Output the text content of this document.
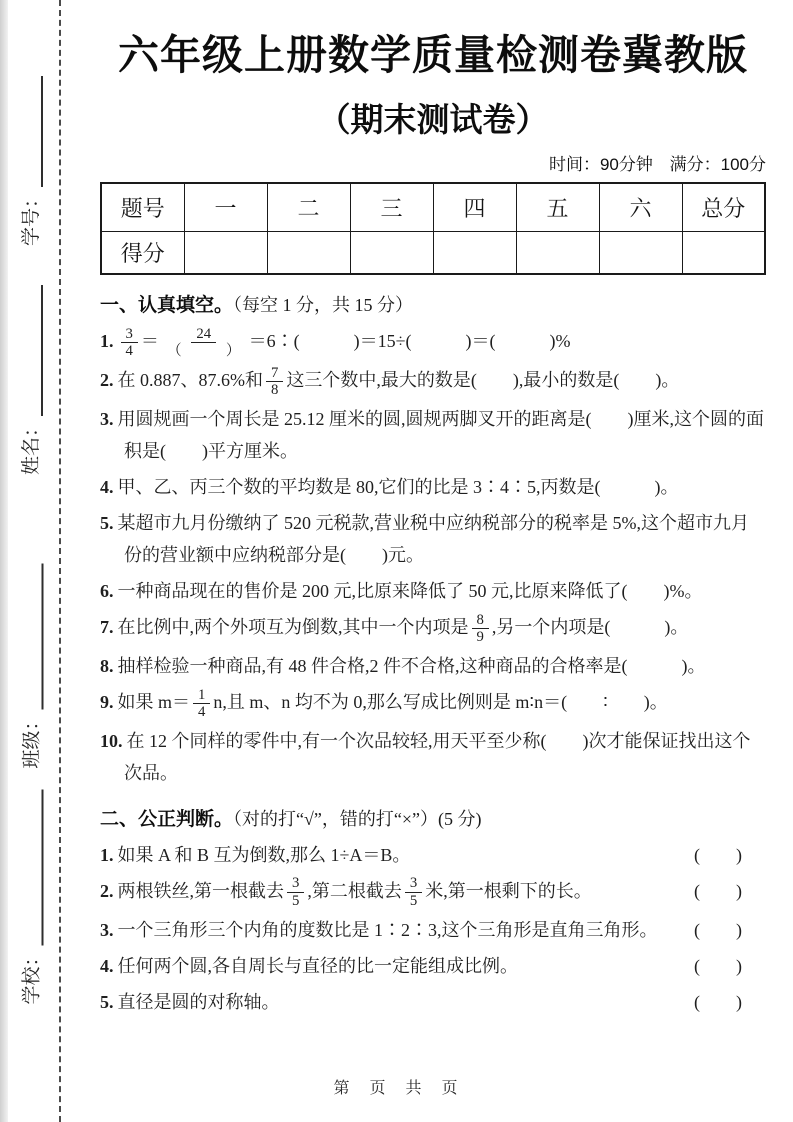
学号：
姓名：
班级：
学校：
六年级上册数学质量检测卷冀教版
（期末测试卷）
时间：90分钟 满分：100分
题号	一	二	三	四	五	六	总分
得分							
一、认真填空。（每空 1 分，共 15 分）
1. $\frac{3}{4} = \frac{24}{( )}$ ＝6∶(　　　)＝15÷(　　　)＝(　　　)%
2. 在 0.887、87.6%和 $\frac{7}{8}$ 这三个数中,最大的数是(　　),最小的数是(　　)。
3. 用圆规画一个周长是 25.12 厘米的圆,圆规两脚叉开的距离是(　　)厘米,这个圆的面积是(　　)平方厘米。
4. 甲、乙、丙三个数的平均数是 80,它们的比是 3∶4∶5,丙数是(　　　)。
5. 某超市九月份缴纳了 520 元税款,营业税中应纳税部分的税率是 5%,这个超市九月份的营业额中应纳税部分是(　　)元。
6. 一种商品现在的售价是 200 元,比原来降低了 50 元,比原来降低了(　　)%。
7. 在比例中,两个外项互为倒数,其中一个内项是 $\frac{8}{9}$ ,另一个内项是(　　　)。
8. 抽样检验一种商品,有 48 件合格,2 件不合格,这种商品的合格率是(　　　)。
9. 如果 $m= \frac{1}{4} n$,且 m、n 均不为 0,那么写成比例则是 m∶n＝(　　∶　　)。
10. 在 12 个同样的零件中,有一个次品较轻,用天平至少称(　　)次才能保证找出这个次品。
二、公正判断。（对的打“√”，错的打“×”）(5 分)
1. 如果 A 和 B 互为倒数,那么 1÷A＝B。	(　　)
2. 两根铁丝,第一根截去 $\frac{3}{5}$ ,第二根截去 $\frac{3}{5}$ 米,第一根剩下的长。	(　　)
3. 一个三角形三个内角的度数比是 1∶2∶3,这个三角形是直角三角形。	(　　)
4. 任何两个圆,各自周长与直径的比一定能组成比例。	(　　)
5. 直径是圆的对称轴。	(　　)
第　页　共　页
